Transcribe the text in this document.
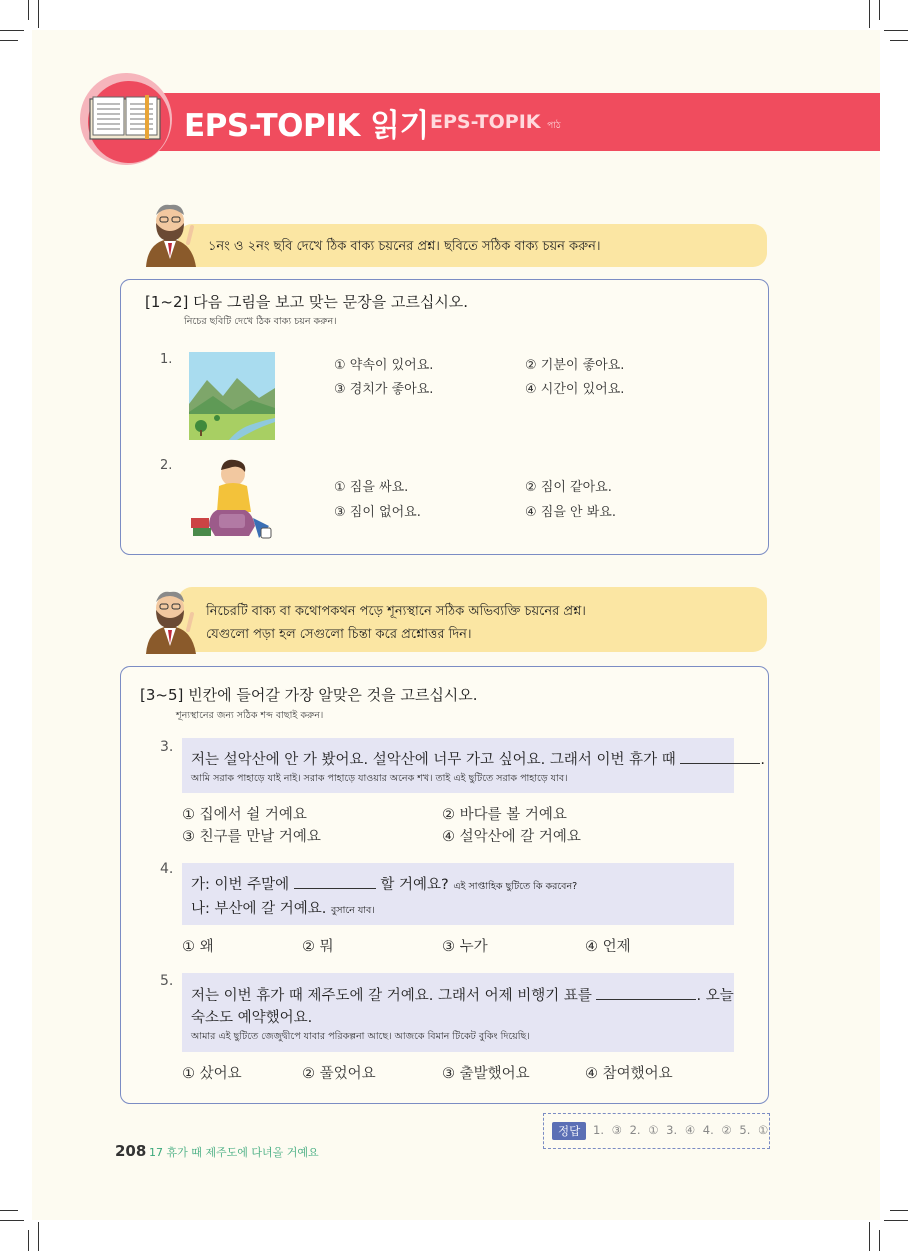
EPS-TOPIK 읽기 EPS-TOPIK পাঠ
১নং ও ২নং ছবি দেখে ঠিক বাক্য চয়নের প্রশ্ন। ছবিতে সঠিক বাক্য চয়ন করুন।
[1~2] 다음 그림을 보고 맞는 문장을 고르십시오.
নিচের ছবিটি দেখে ঠিক বাক্য চয়ন করুন।
1.	① 약속이 있어요.	② 기분이 좋아요.
③ 경치가 좋아요.	④ 시간이 있어요.
2.
① 짐을 싸요.	② 짐이 같아요.
③ 짐이 없어요.	④ 짐을 안 봐요.
নিচেরটি বাক্য বা কথোপকথন পড়ে শূন্যস্থানে সঠিক অভিব্যক্তি চয়নের প্রশ্ন।
যেগুলো পড়া হল সেগুলো চিন্তা করে প্রশ্নোত্তর দিন।
[3~5] 빈칸에 들어갈 가장 알맞은 것을 고르십시오.
শূন্যস্থানের জন্য সঠিক শব্দ বাছাই করুন।
3.
저는 설악산에 안 가 봤어요. 설악산에 너무 가고 싶어요. 그래서 이번 휴가 때	.
আমি সরাক পাহাড়ে যাই নাই। সরাক পাহাড়ে যাওয়ার অনেক শখ। তাই এই ছুটিতে সরাক পাহাড়ে যাব।
① 집에서 쉴 거예요	② 바다를 볼 거예요
③ 친구를 만날 거예요	④ 설악산에 갈 거예요
4.
가: 이번 주말에	할 거예요? এই সাপ্তাহিক ছুটিতে কি করবেন?
나: 부산에 갈 거예요. বুসানে যাব।
① 왜	② 뭐	③ 누가	④ 언제
5.
저는 이번 휴가 때 제주도에 갈 거예요. 그래서 어제 비행기 표를	. 오늘
숙소도 예약했어요.
আমার এই ছুটিতে জেজুদ্বীপে যাবার পরিকল্পনা আছে। আজকে বিমান টিকেট বুকিং দিয়েছি।
① 샀어요	② 풀었어요	③ 출발했어요	④ 참여했어요
정답	1. ③ 2. ① 3. ④ 4. ② 5. ①
208 17 휴가 때 제주도에 다녀올 거예요
